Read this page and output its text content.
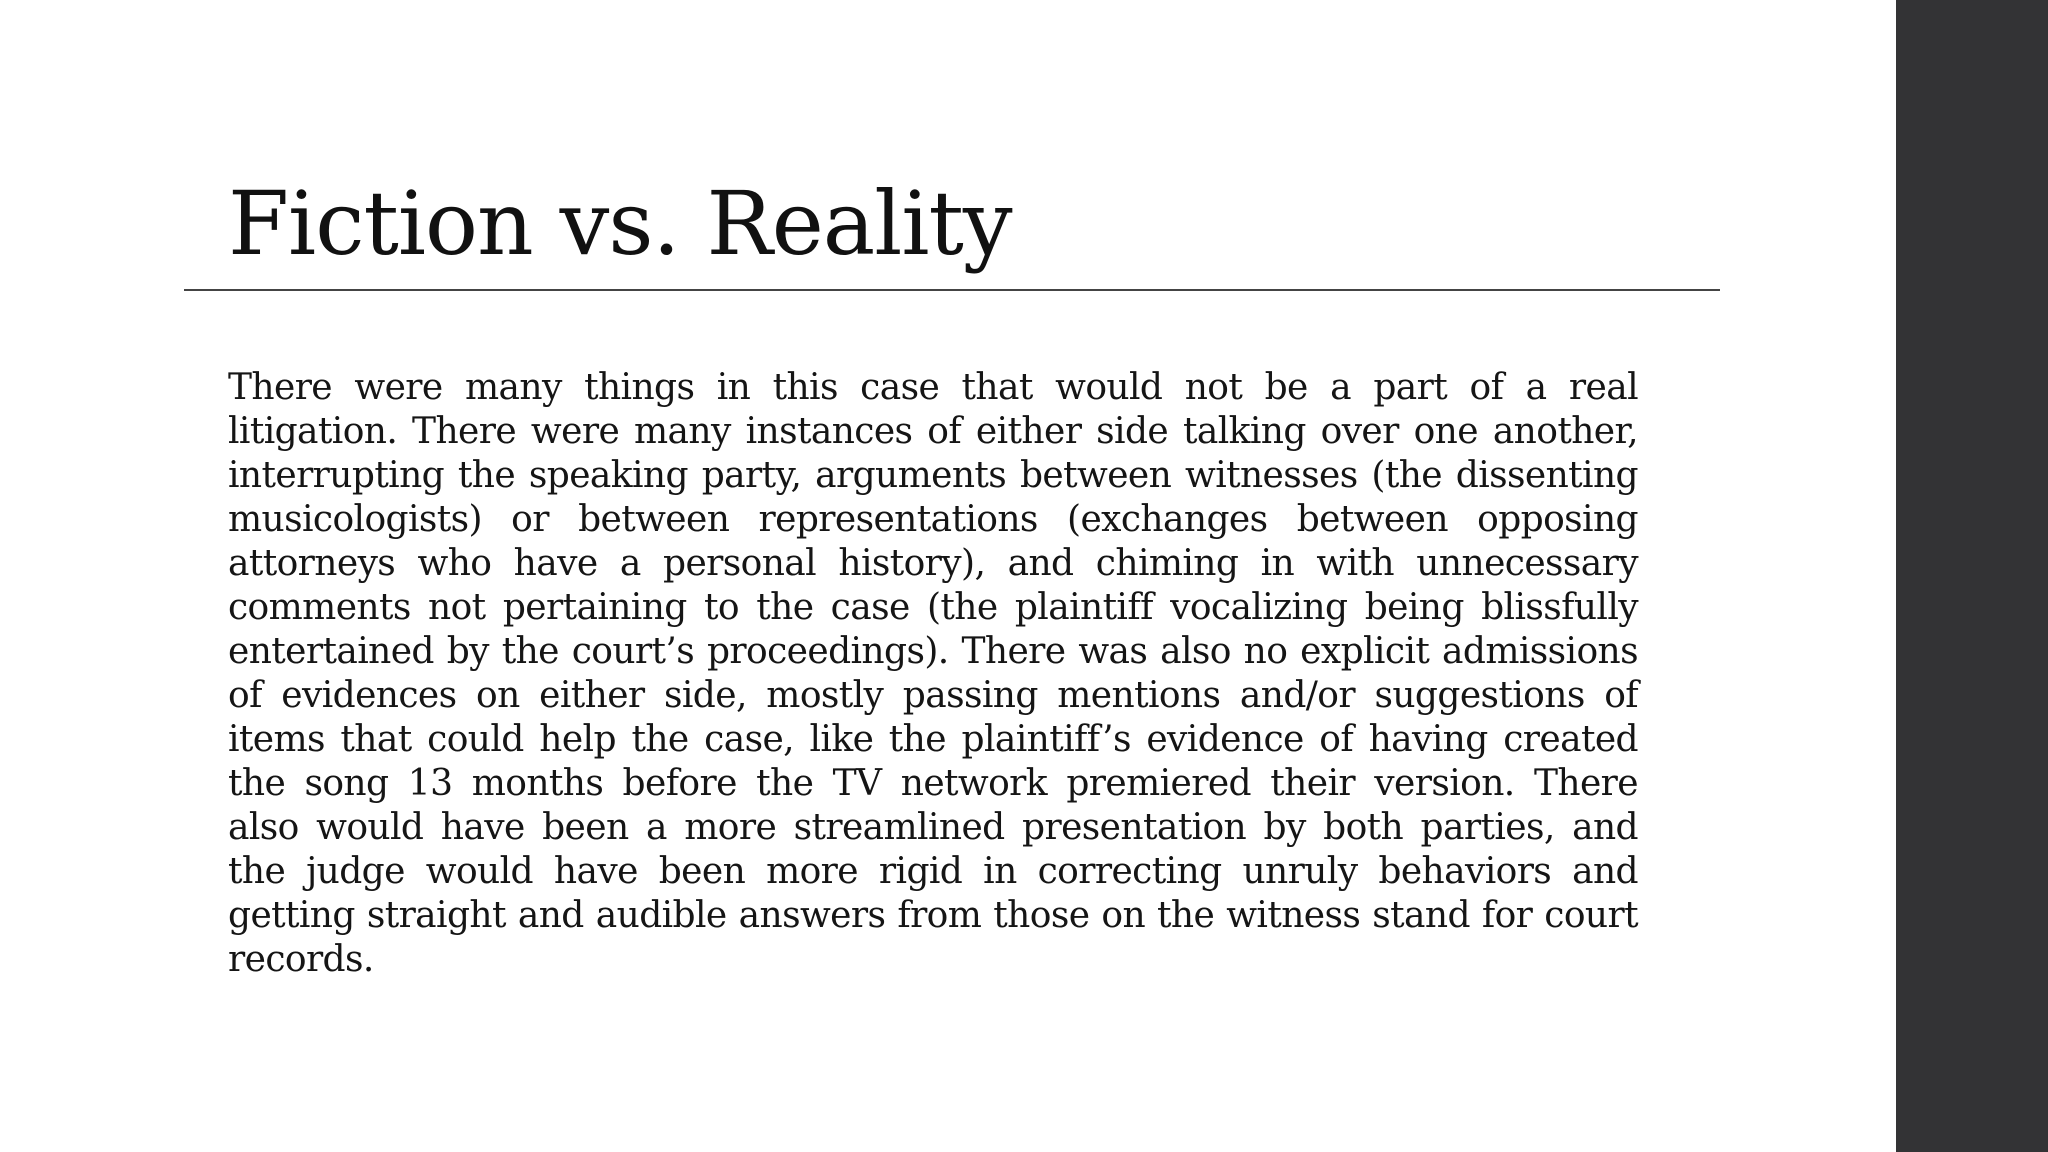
Fiction vs. Reality

There were many things in this case that would not be a part of a real litigation. There were many instances of either side talking over one another, interrupting the speaking party, arguments between witnesses (the dissenting musicologists) or between representations (exchanges between opposing attorneys who have a personal history), and chiming in with unnecessary comments not pertaining to the case (the plaintiff vocalizing being blissfully entertained by the court’s proceedings). There was also no explicit admissions of evidences on either side, mostly passing mentions and/or suggestions of items that could help the case, like the plaintiff’s evidence of having created the song 13 months before the TV network premiered their version. There also would have been a more streamlined presentation by both parties, and the judge would have been more rigid in correcting unruly behaviors and getting straight and audible answers from those on the witness stand for court records.
